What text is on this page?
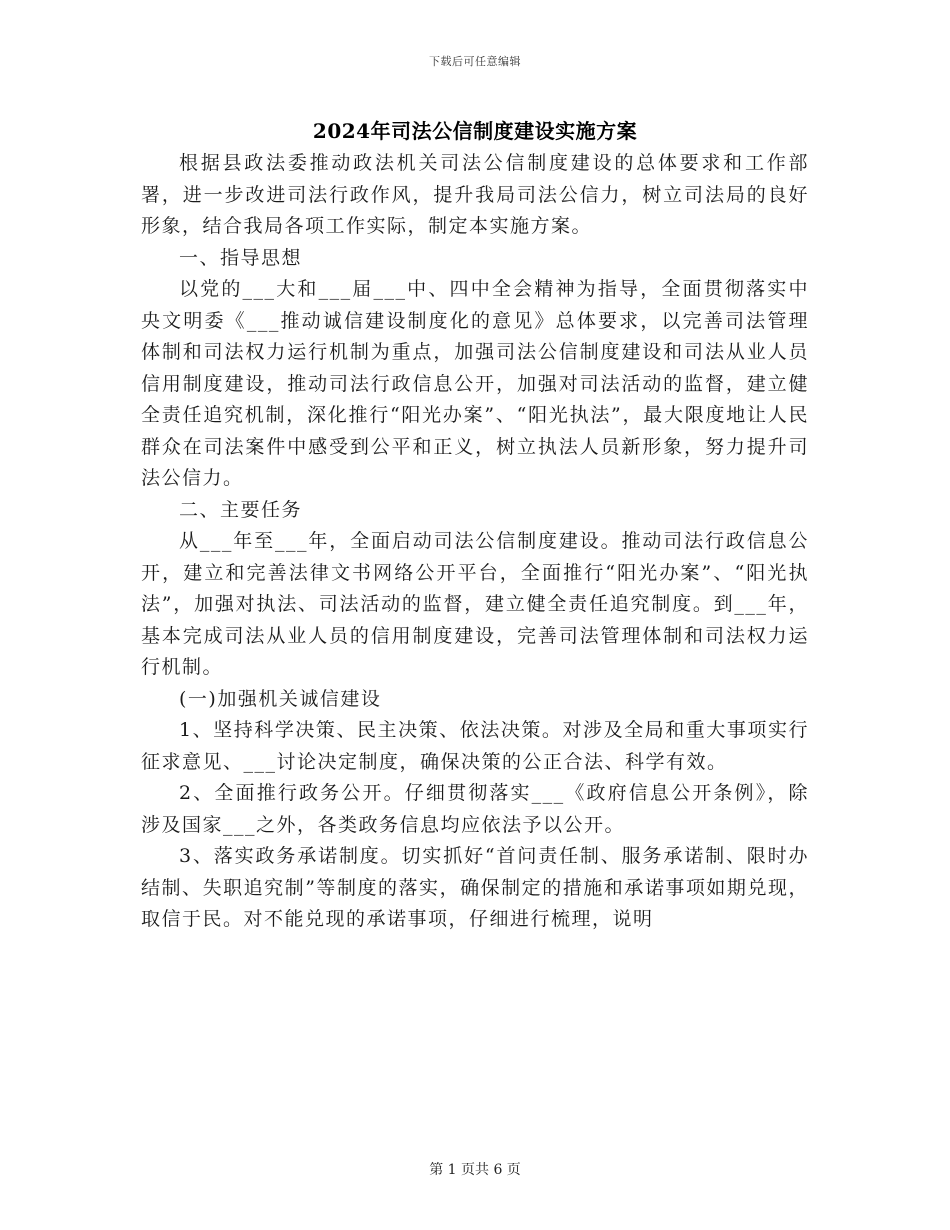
下载后可任意编辑
2024年司法公信制度建设实施方案

根据县政法委推动政法机关司法公信制度建设的总体要求和工作部署，进一步改进司法行政作风，提升我局司法公信力，树立司法局的良好形象，结合我局各项工作实际，制定本实施方案。

一、指导思想

以党的___大和___届___中、四中全会精神为指导，全面贯彻落实中央文明委《___推动诚信建设制度化的意见》总体要求，以完善司法管理体制和司法权力运行机制为重点，加强司法公信制度建设和司法从业人员信用制度建设，推动司法行政信息公开，加强对司法活动的监督，建立健全责任追究机制，深化推行“阳光办案”、“阳光执法”，最大限度地让人民群众在司法案件中感受到公平和正义，树立执法人员新形象，努力提升司法公信力。

二、主要任务

从___年至___年，全面启动司法公信制度建设。推动司法行政信息公开，建立和完善法律文书网络公开平台，全面推行“阳光办案”、“阳光执法”，加强对执法、司法活动的监督，建立健全责任追究制度。到___年，基本完成司法从业人员的信用制度建设，完善司法管理体制和司法权力运行机制。

(一)加强机关诚信建设

1、坚持科学决策、民主决策、依法决策。对涉及全局和重大事项实行征求意见、___讨论决定制度，确保决策的公正合法、科学有效。

2、全面推行政务公开。仔细贯彻落实___《政府信息公开条例》，除涉及国家___之外，各类政务信息均应依法予以公开。

3、落实政务承诺制度。切实抓好“首问责任制、服务承诺制、限时办结制、失职追究制”等制度的落实，确保制定的措施和承诺事项如期兑现，取信于民。对不能兑现的承诺事项，仔细进行梳理，说明

第 1 页共 6 页
